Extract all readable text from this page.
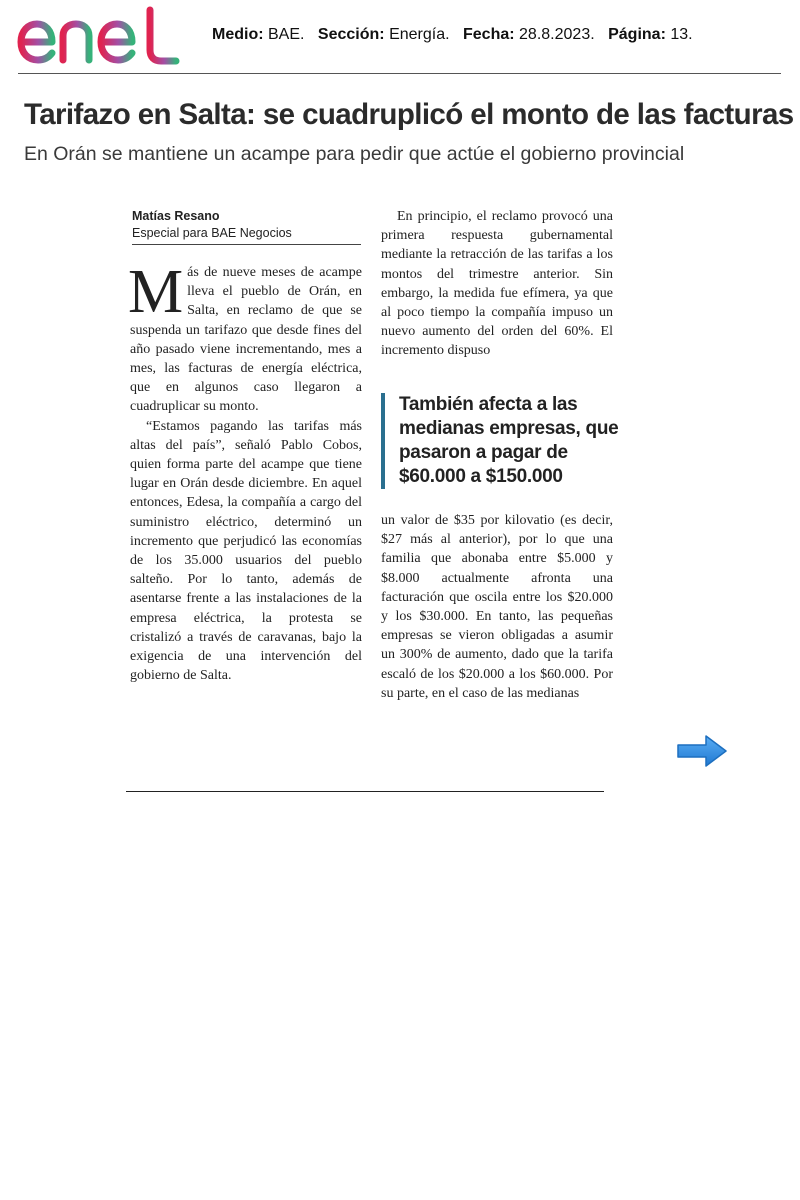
Medio: BAE. Sección: Energía. Fecha: 28.8.2023. Página: 13.
Tarifazo en Salta: se cuadruplicó el monto de las facturas
En Orán se mantiene un acampe para pedir que actúe el gobierno provincial
Matías Resano
Especial para BAE Negocios

Más de nueve meses de acampe lleva el pueblo de Orán, en Salta, en reclamo de que se suspenda un tarifazo que desde fines del año pasado viene incrementando, mes a mes, las facturas de energía eléctrica, que en algunos caso llegaron a cuadruplicar su monto.

“Estamos pagando las tarifas más altas del país”, señaló Pablo Cobos, quien forma parte del acampe que tiene lugar en Orán desde diciembre. En aquel entonces, Edesa, la compañía a cargo del suministro eléctrico, determinó un incremento que perjudicó las economías de los 35.000 usuarios del pueblo salteño. Por lo tanto, además de asentarse frente a las instalaciones de la empresa eléctrica, la protesta se cristalizó a través de caravanas, bajo la exigencia de una intervención del gobierno de Salta.

En principio, el reclamo provocó una primera respuesta gubernamental mediante la retracción de las tarifas a los montos del trimestre anterior. Sin embargo, la medida fue efímera, ya que al poco tiempo la compañía impuso un nuevo aumento del orden del 60%. El incremento dispuso

También afecta a las medianas empresas, que pasaron a pagar de $60.000 a $150.000

un valor de $35 por kilovatio (es decir, $27 más al anterior), por lo que una familia que abonaba entre $5.000 y $8.000 actualmente afronta una facturación que oscila entre los $20.000 y los $30.000. En tanto, las pequeñas empresas se vieron obligadas a asumir un 300% de aumento, dado que la tarifa escaló de los $20.000 a los $60.000. Por su parte, en el caso de las medianas
